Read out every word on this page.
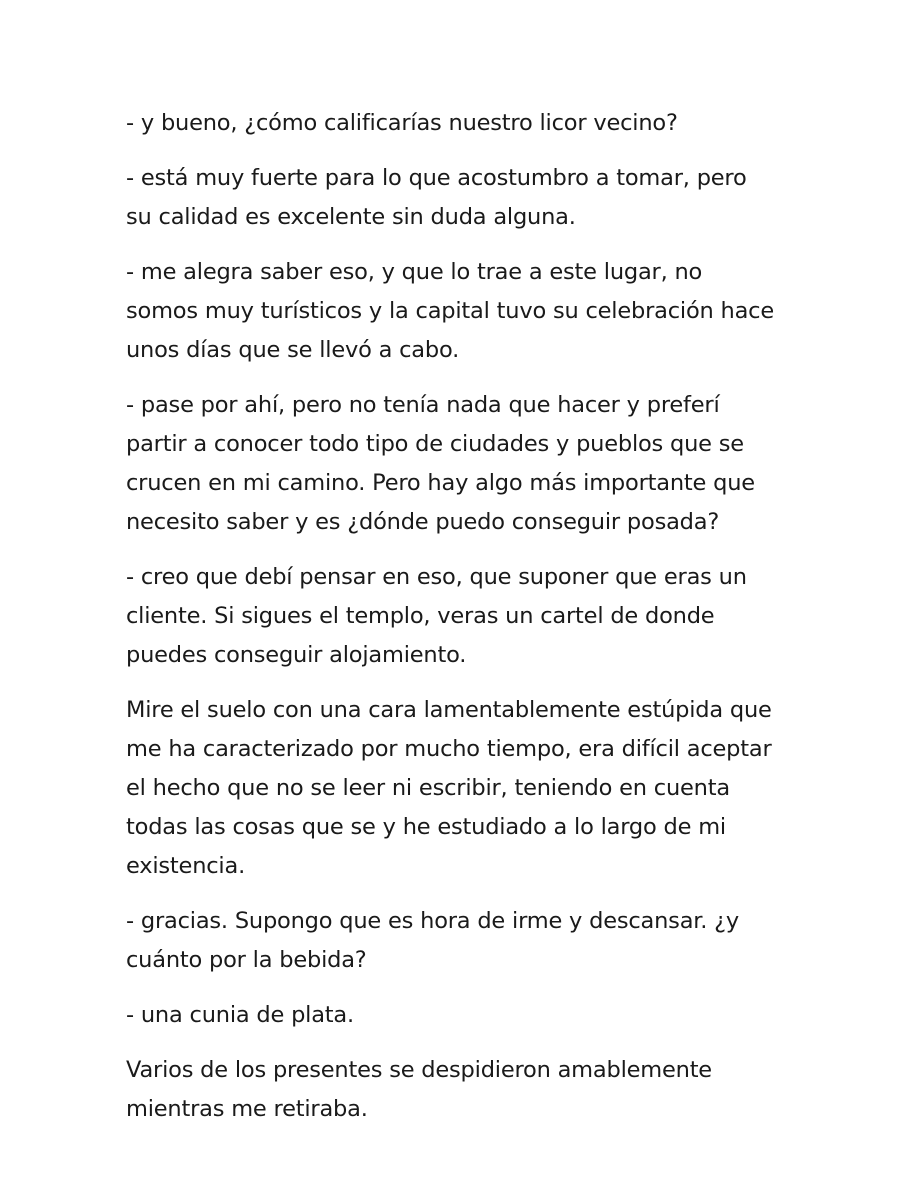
- y bueno, ¿cómo calificarías nuestro licor vecino?

- está muy fuerte para lo que acostumbro a tomar, pero su calidad es excelente sin duda alguna.

- me alegra saber eso, y que lo trae a este lugar, no somos muy turísticos y la capital tuvo su celebración hace unos días que se llevó a cabo.

- pase por ahí, pero no tenía nada que hacer y preferí partir a conocer todo tipo de ciudades y pueblos que se crucen en mi camino. Pero hay algo más importante que necesito saber y es ¿dónde puedo conseguir posada?

- creo que debí pensar en eso, que suponer que eras un cliente. Si sigues el templo, veras un cartel de donde puedes conseguir alojamiento.

Mire el suelo con una cara lamentablemente estúpida que me ha caracterizado por mucho tiempo, era difícil aceptar el hecho que no se leer ni escribir, teniendo en cuenta todas las cosas que se y he estudiado a lo largo de mi existencia.

- gracias. Supongo que es hora de irme y descansar. ¿y cuánto por la bebida?

- una cunia de plata.

Varios de los presentes se despidieron amablemente mientras me retiraba.
